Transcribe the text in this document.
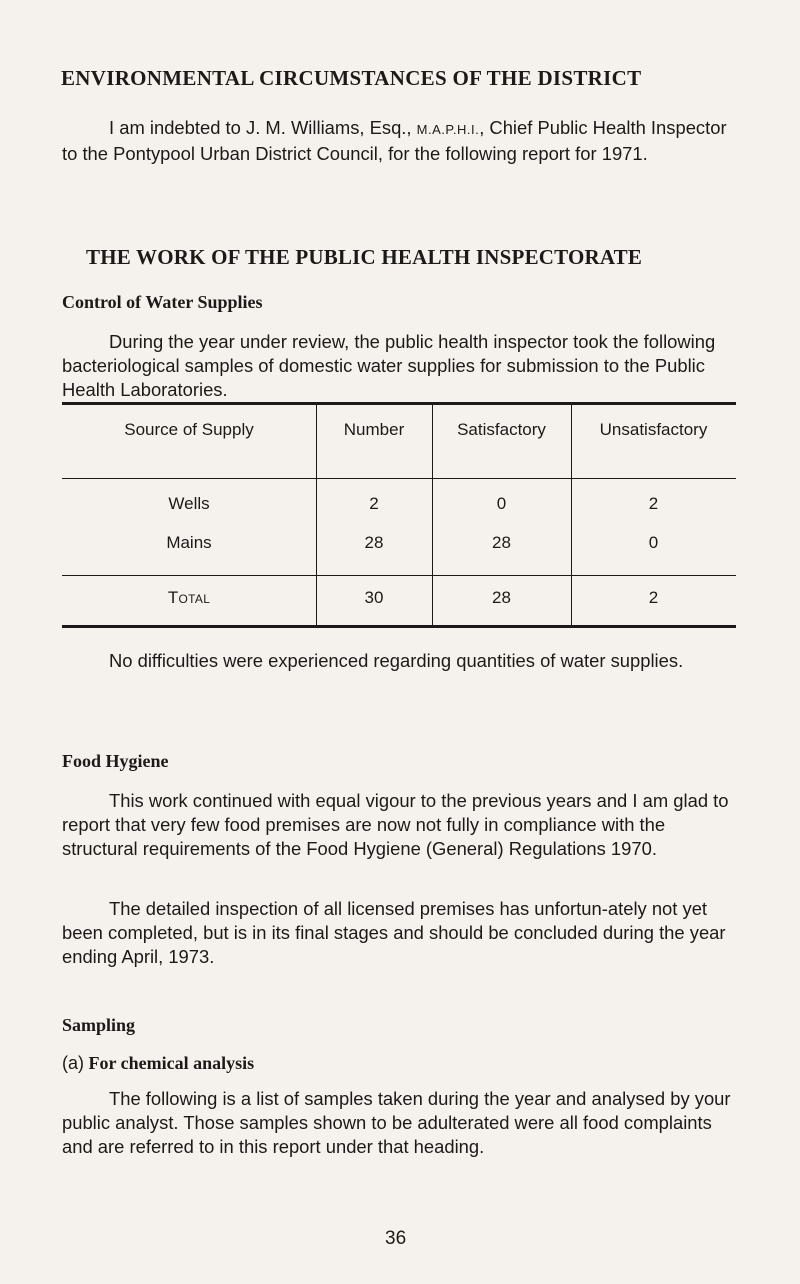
ENVIRONMENTAL CIRCUMSTANCES OF THE DISTRICT

I am indebted to J. M. Williams, Esq., M.A.P.H.I., Chief Public Health Inspector to the Pontypool Urban District Council, for the following report for 1971.

THE WORK OF THE PUBLIC HEALTH INSPECTORATE
Control of Water Supplies

During the year under review, the public health inspector took the following bacteriological samples of domestic water supplies for submission to the Public Health Laboratories.

Source of Supply	Number	Satisfactory	Unsatisfactory
Wells	2	0	2
Mains	28	28	0
Total	30	28	2

No difficulties were experienced regarding quantities of water supplies.

Food Hygiene

This work continued with equal vigour to the previous years and I am glad to report that very few food premises are now not fully in compliance with the structural requirements of the Food Hygiene (General) Regulations 1970.

The detailed inspection of all licensed premises has unfortun-ately not yet been completed, but is in its final stages and should be concluded during the year ending April, 1973.

Sampling
(a) For chemical analysis

The following is a list of samples taken during the year and analysed by your public analyst. Those samples shown to be adulterated were all food complaints and are referred to in this report under that heading.

36
